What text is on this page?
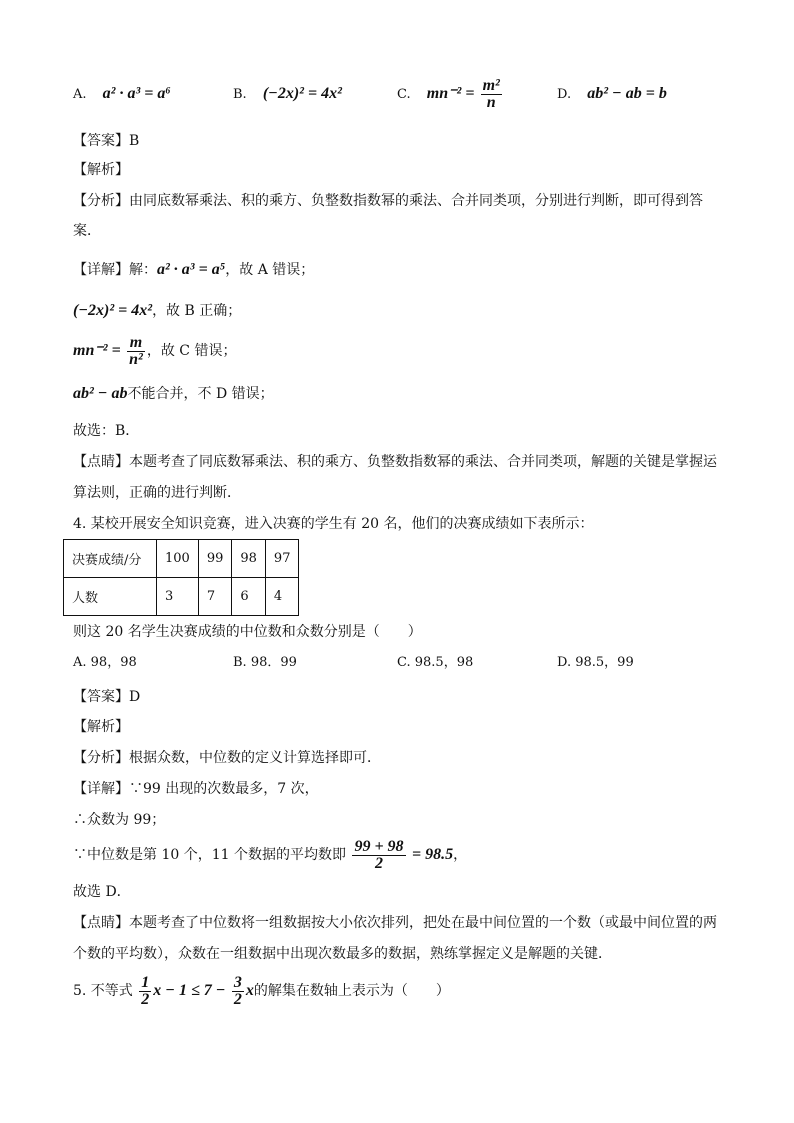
A. a² · a³ = a⁶	B. (−2x)² = 4x²	C. $mn^{-2} = \frac{\text{m²}}{n}$	D. ab² − ab = b
【答案】B
【解析】
【分析】由同底数幂乘法、积的乘方、负整数指数幂的乘法、合并同类项，分别进行判断，即可得到答
案．
【详解】解：a² · a³ = a⁵，故 A 错误；
(−2x)² = 4x²，故 B 正确；
$mn^{-2} = \frac{m}{\text{n²}}$ ，故 C 错误；
ab² − ab不能合并，不 D 错误；
故选：B．
【点睛】本题考查了同底数幂乘法、积的乘方、负整数指数幂的乘法、合并同类项，解题的关键是掌握运
算法则，正确的进行判断．
4. 某校开展安全知识竞赛，进入决赛的学生有 20 名，他们的决赛成绩如下表所示：
决赛成绩/分	100	99	98	97
人数	3	7	6	4
则这 20 名学生决赛成绩的中位数和众数分别是（　　）
A. 98，98	B. 98．99	C. 98.5，98	D. 98.5，99
【答案】D
【解析】
【分析】根据众数，中位数的定义计算选择即可．
【详解】∵99 出现的次数最多，7 次，
∴众数为 99；
∵中位数是第 10 个，11 个数据的平均数即 $\frac{99 + 98}{2} = 98.5$，
故选 D．
【点睛】本题考查了中位数将一组数据按大小依次排列，把处在最中间位置的一个数（或最中间位置的两
个数的平均数），众数在一组数据中出现次数最多的数据，熟练掌握定义是解题的关键．
5. 不等式 $\frac{1}{2}$ $x - 1 \le 7 - \frac{3}{2}$ x的解集在数轴上表示为（　　）
